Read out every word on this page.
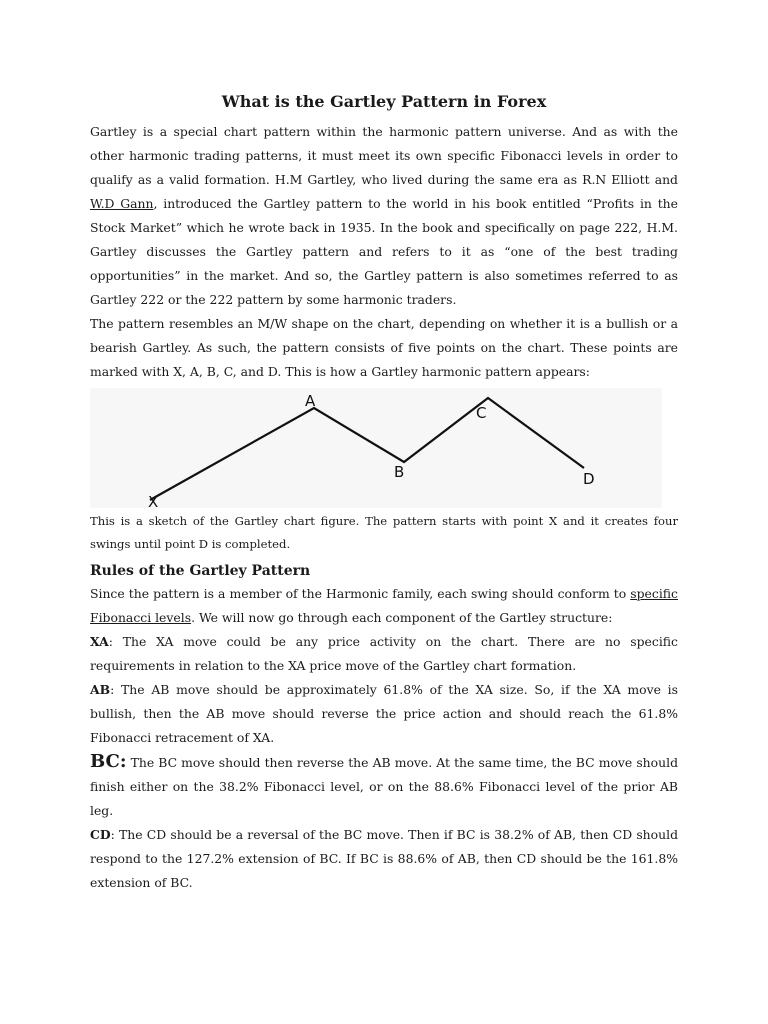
What is the Gartley Pattern in Forex

Gartley is a special chart pattern within the harmonic pattern universe. And as with the other harmonic trading patterns, it must meet its own specific Fibonacci levels in order to qualify as a valid formation. H.M Gartley, who lived during the same era as R.N Elliott and W.D Gann, introduced the Gartley pattern to the world in his book entitled “Profits in the Stock Market” which he wrote back in 1935. In the book and specifically on page 222, H.M. Gartley discusses the Gartley pattern and refers to it as “one of the best trading opportunities” in the market. And so, the Gartley pattern is also sometimes referred to as Gartley 222 or the 222 pattern by some harmonic traders.

The pattern resembles an M/W shape on the chart, depending on whether it is a bullish or a bearish Gartley. As such, the pattern consists of five points on the chart. These points are marked with X, A, B, C, and D. This is how a Gartley harmonic pattern appears:

X
A
B
C
D

This is a sketch of the Gartley chart figure. The pattern starts with point X and it creates four swings until point D is completed.

Rules of the Gartley Pattern

Since the pattern is a member of the Harmonic family, each swing should conform to specific Fibonacci levels. We will now go through each component of the Gartley structure:

XA: The XA move could be any price activity on the chart. There are no specific requirements in relation to the XA price move of the Gartley chart formation.

AB: The AB move should be approximately 61.8% of the XA size. So, if the XA move is bullish, then the AB move should reverse the price action and should reach the 61.8% Fibonacci retracement of XA.

BC: The BC move should then reverse the AB move. At the same time, the BC move should finish either on the 38.2% Fibonacci level, or on the 88.6% Fibonacci level of the prior AB leg.

CD: The CD should be a reversal of the BC move. Then if BC is 38.2% of AB, then CD should respond to the 127.2% extension of BC. If BC is 88.6% of AB, then CD should be the 161.8% extension of BC.
